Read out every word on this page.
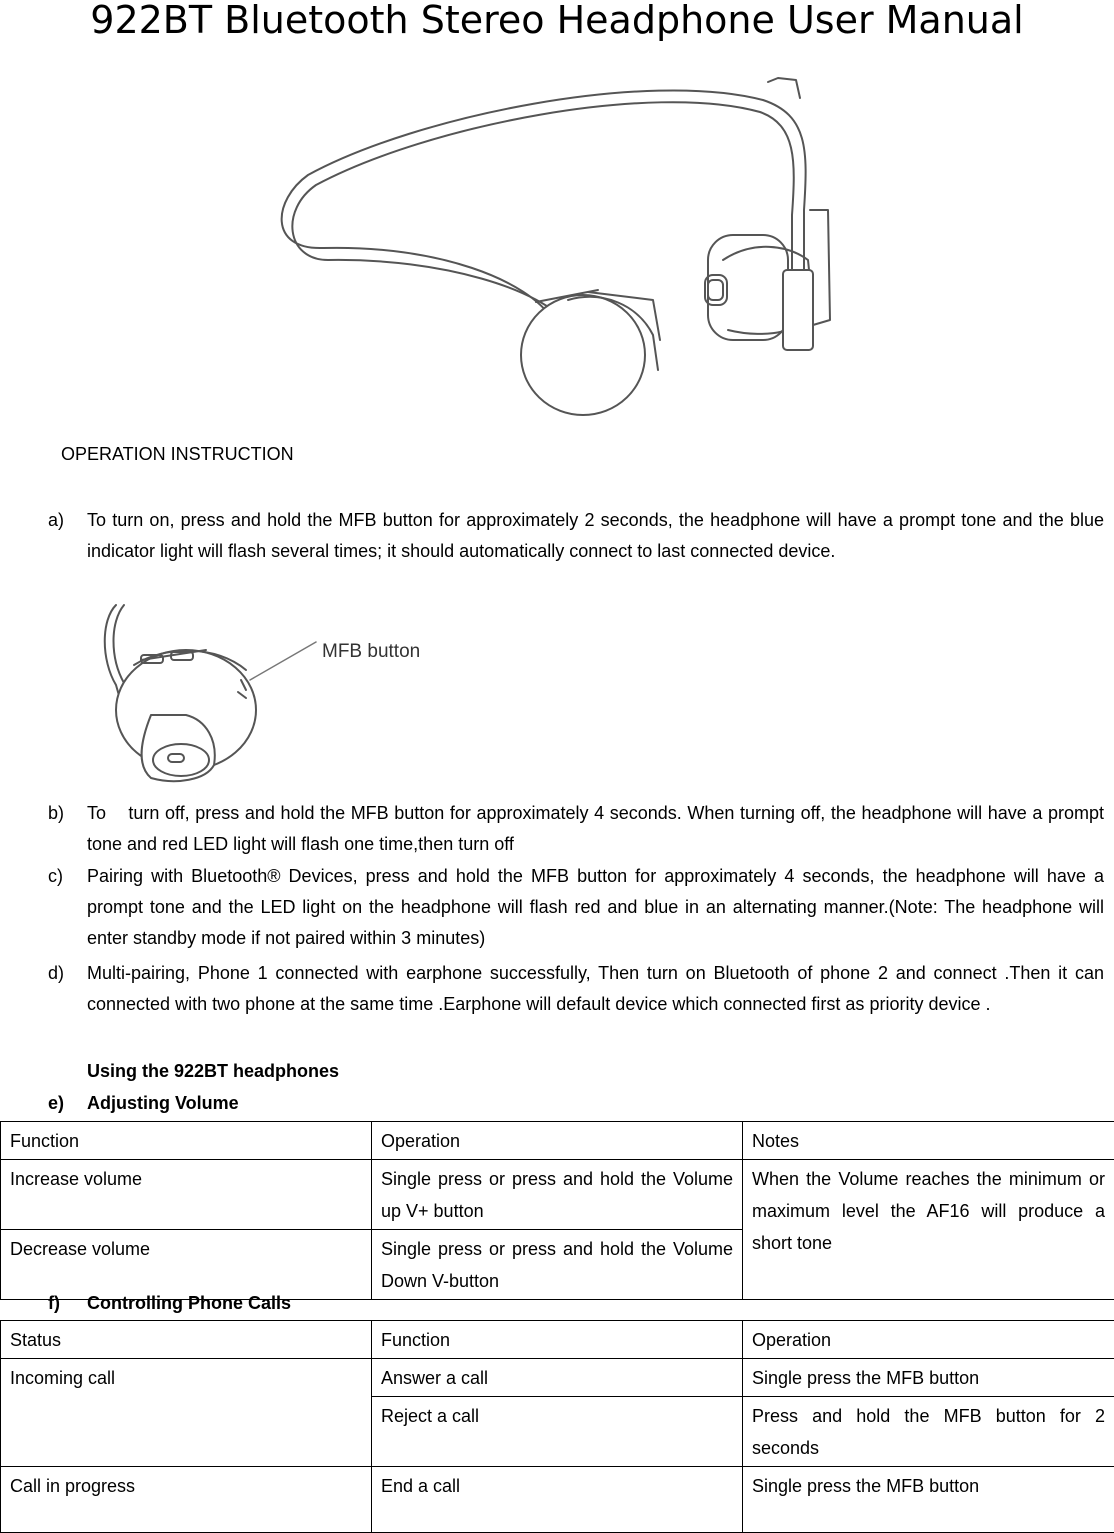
922BT Bluetooth Stereo Headphone User Manual
OPERATION INSTRUCTION
a) To turn on, press and hold the MFB button for approximately 2 seconds, the headphone will have a prompt tone and the blue indicator light will flash several times; it should automatically connect to last connected device.
MFB button
b) To    turn off, press and hold the MFB button for approximately 4 seconds. When turning off, the headphone will have a prompt tone and red LED light will flash one time,then turn off
c) Pairing with Bluetooth® Devices, press and hold the MFB button for approximately 4 seconds, the headphone will have a prompt tone and the LED light on the headphone will flash red and blue in an alternating manner.(Note: The headphone will enter standby mode if not paired within 3 minutes)
d) Multi-pairing, Phone 1 connected with earphone successfully, Then turn on Bluetooth of phone 2 and connect .Then it can connected with two phone at the same time .Earphone will default device which connected first as priority device .
Using the 922BT headphones
e) Adjusting Volume
Function	Operation	Notes
Increase volume	Single press or press and hold the Volume up V+ button	When the Volume reaches the minimum or maximum level the AF16 will produce a short tone
Decrease volume	Single press or press and hold the Volume Down V-button	
f) Controlling Phone Calls
Status	Function	Operation
Incoming call	Answer a call	Single press the MFB button
	Reject a call	Press and hold the MFB button for 2 seconds
Call in progress	End a call	Single press the MFB button
